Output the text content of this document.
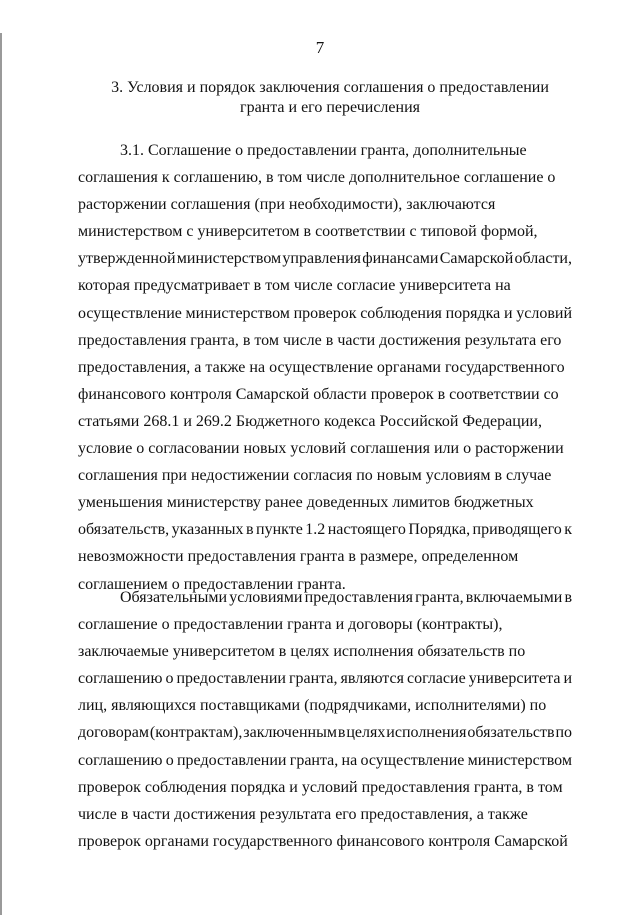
7
3. Условия и порядок заключения соглашения о предоставлении
гранта и его перечисления
3.1. Соглашение о предоставлении гранта, дополнительные
соглашения к соглашению, в том числе дополнительное соглашение о
расторжении соглашения (при необходимости), заключаются
министерством с университетом в соответствии с типовой формой,
утвержденной министерством управления финансами Самарской области,
которая предусматривает в том числе согласие университета на
осуществление министерством проверок соблюдения порядка и условий
предоставления гранта, в том числе в части достижения результата его
предоставления, а также на осуществление органами государственного
финансового контроля Самарской области проверок в соответствии со
статьями 268.1 и 269.2 Бюджетного кодекса Российской Федерации,
условие о согласовании новых условий соглашения или о расторжении
соглашения при недостижении согласия по новым условиям в случае
уменьшения министерству ранее доведенных лимитов бюджетных
обязательств, указанных в пункте 1.2 настоящего Порядка, приводящего к
невозможности предоставления гранта в размере, определенном
соглашением о предоставлении гранта.
Обязательными условиями предоставления гранта, включаемыми в
соглашение о предоставлении гранта и договоры (контракты),
заключаемые университетом в целях исполнения обязательств по
соглашению о предоставлении гранта, являются согласие университета и
лиц, являющихся поставщиками (подрядчиками, исполнителями) по
договорам (контрактам), заключенным в целях исполнения обязательств по
соглашению о предоставлении гранта, на осуществление министерством
проверок соблюдения порядка и условий предоставления гранта, в том
числе в части достижения результата его предоставления, а также
проверок органами государственного финансового контроля Самарской
